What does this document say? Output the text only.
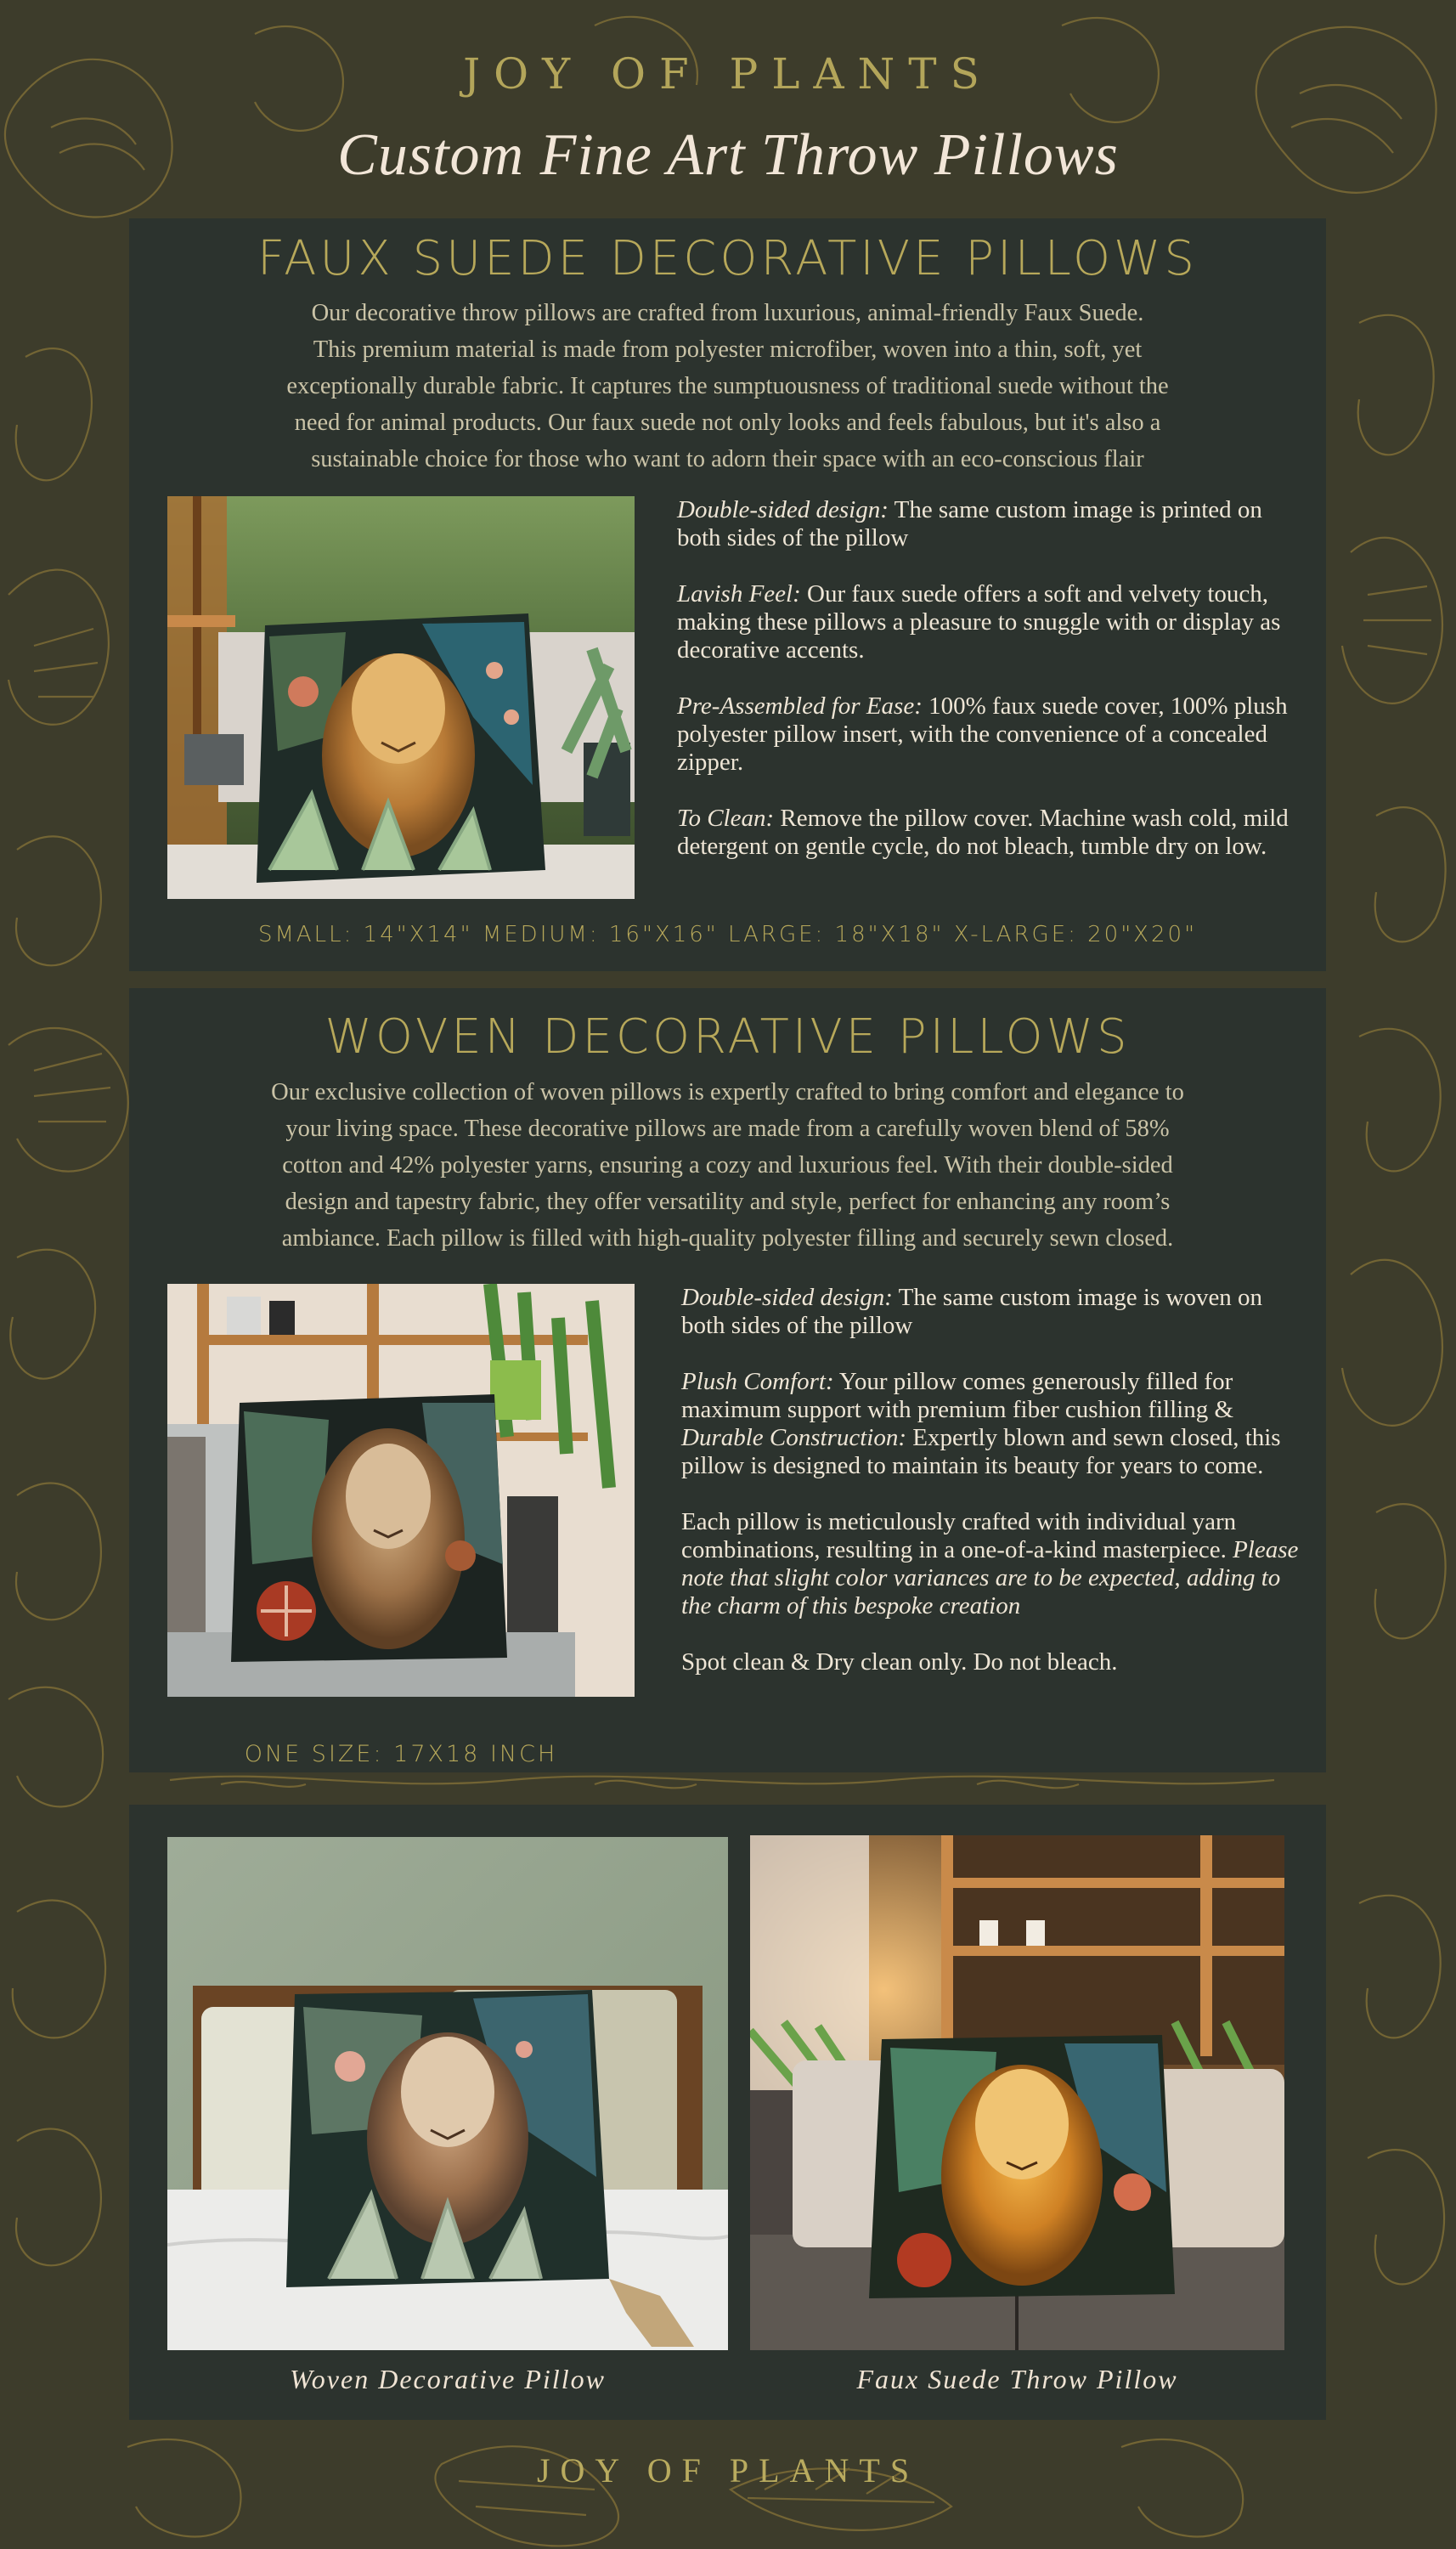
JOY OF PLANTS
Custom Fine Art Throw Pillows
FAUX SUEDE DECORATIVE PILLOWS
Our decorative throw pillows are crafted from luxurious, animal-friendly Faux Suede.
This premium material is made from polyester microfiber, woven into a thin, soft, yet
exceptionally durable fabric. It captures the sumptuousness of traditional suede without the
need for animal products. Our faux suede not only looks and feels fabulous, but it's also a
sustainable choice for those who want to adorn their space with an eco-conscious flair

Double-sided design: The same custom image is printed on both sides of the pillow

Lavish Feel: Our faux suede offers a soft and velvety touch, making these pillows a pleasure to snuggle with or display as decorative accents.

Pre-Assembled for Ease: 100% faux suede cover, 100% plush polyester pillow insert, with the convenience of a concealed zipper.

To Clean: Remove the pillow cover. Machine wash cold, mild detergent on gentle cycle, do not bleach, tumble dry on low.

SMALL: 14"X14" MEDIUM: 16"X16" LARGE: 18"X18" X-LARGE: 20"X20"
WOVEN DECORATIVE PILLOWS
Our exclusive collection of woven pillows is expertly crafted to bring comfort and elegance to
your living space. These decorative pillows are made from a carefully woven blend of 58%
cotton and 42% polyester yarns, ensuring a cozy and luxurious feel. With their double-sided
design and tapestry fabric, they offer versatility and style, perfect for enhancing any room’s
ambiance. Each pillow is filled with high-quality polyester filling and securely sewn closed.
ONE SIZE: 17X18 INCH

Double-sided design: The same custom image is woven on both sides of the pillow

Plush Comfort: Your pillow comes generously filled for maximum support with premium fiber cushion filling & Durable Construction: Expertly blown and sewn closed, this pillow is designed to maintain its beauty for years to come.

Each pillow is meticulously crafted with individual yarn combinations, resulting in a one-of-a-kind masterpiece. Please note that slight color variances are to be expected, adding to the charm of this bespoke creation

Spot clean & Dry clean only. Do not bleach.

Woven Decorative Pillow	Faux Suede Throw Pillow
JOY OF PLANTS
